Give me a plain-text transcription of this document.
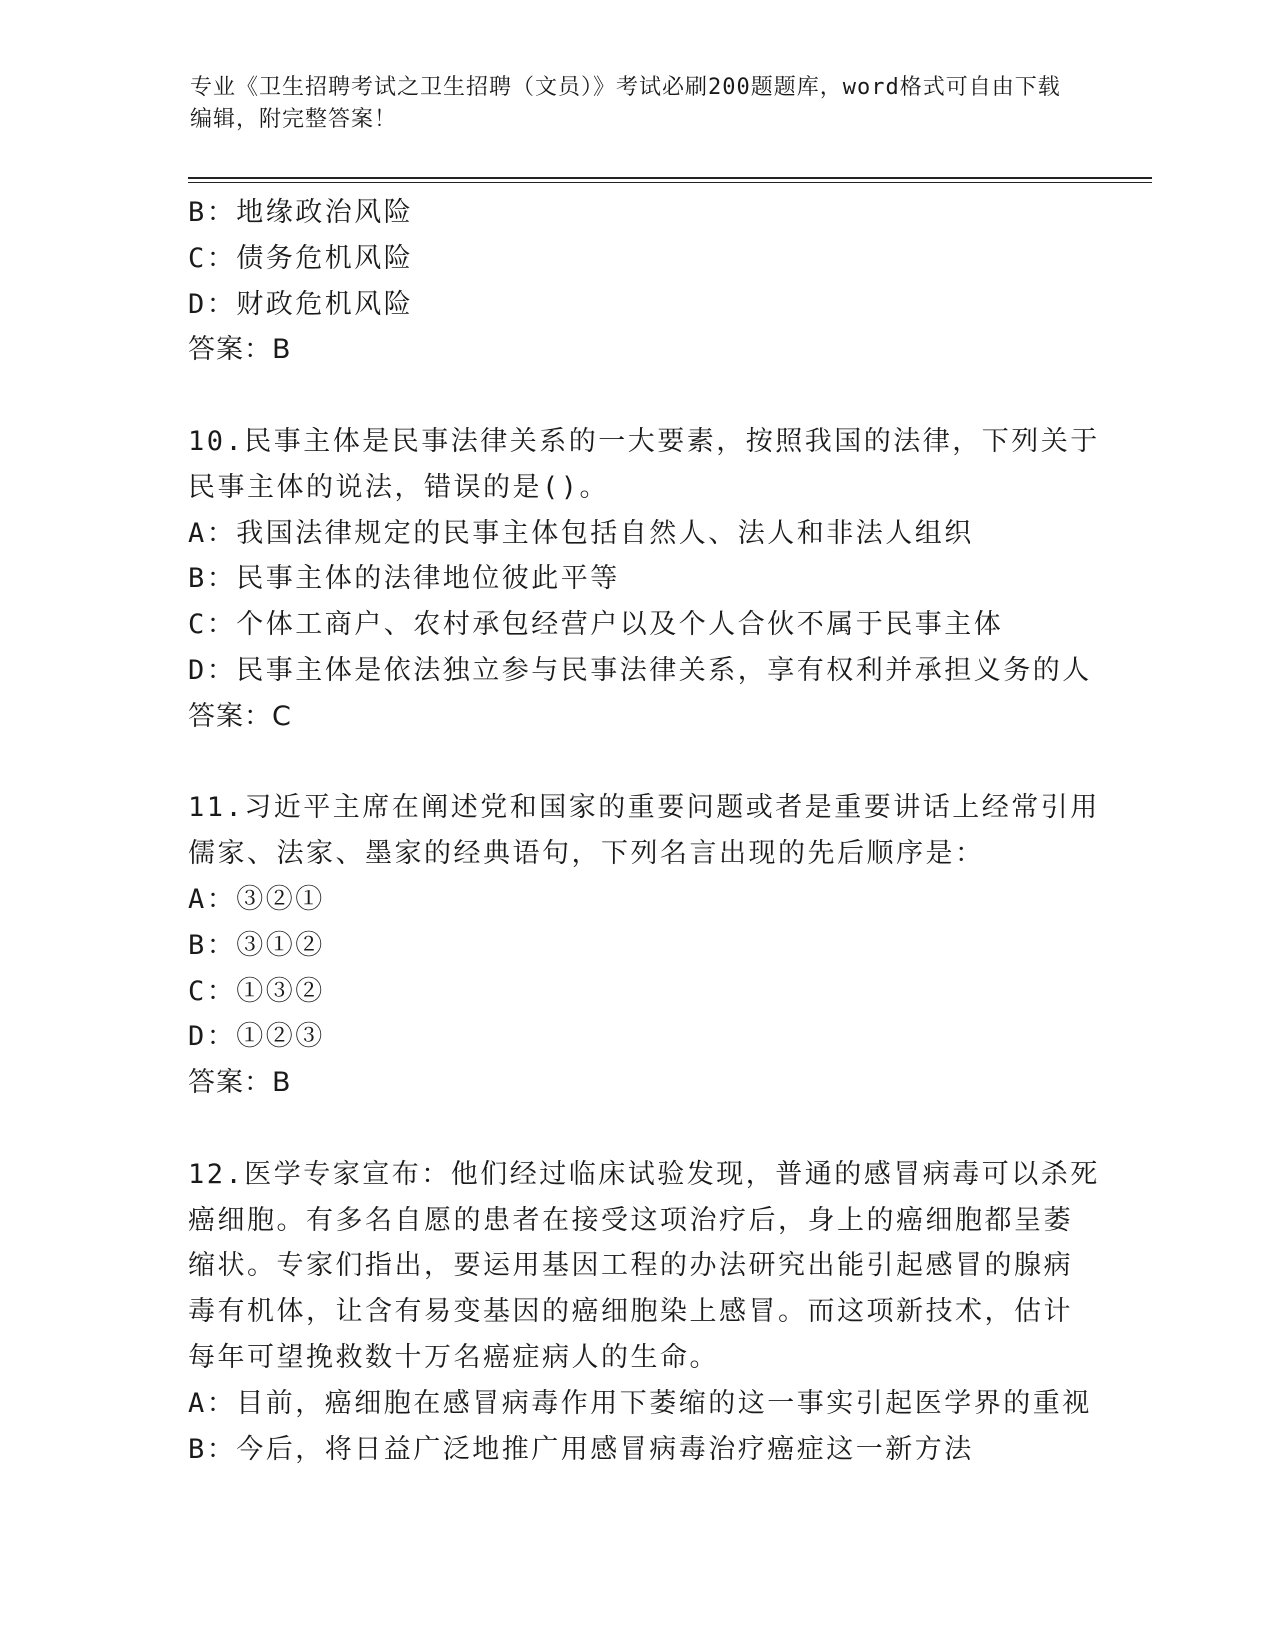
专业《卫生招聘考试之卫生招聘（文员）》考试必刷200题题库，word格式可自由下载编辑，附完整答案！

B：地缘政治风险
C：债务危机风险
D：财政危机风险
答案：B
10.民事主体是民事法律关系的一大要素，按照我国的法律，下列关于
民事主体的说法，错误的是()。
A：我国法律规定的民事主体包括自然人、法人和非法人组织
B：民事主体的法律地位彼此平等
C：个体工商户、农村承包经营户以及个人合伙不属于民事主体
D：民事主体是依法独立参与民事法律关系，享有权利并承担义务的人
答案：C
11.习近平主席在阐述党和国家的重要问题或者是重要讲话上经常引用
儒家、法家、墨家的经典语句，下列名言出现的先后顺序是：
A：③②①
B：③①②
C：①③②
D：①②③
答案：B
12.医学专家宣布：他们经过临床试验发现，普通的感冒病毒可以杀死
癌细胞。有多名自愿的患者在接受这项治疗后，身上的癌细胞都呈萎
缩状。专家们指出，要运用基因工程的办法研究出能引起感冒的腺病
毒有机体，让含有易变基因的癌细胞染上感冒。而这项新技术，估计
每年可望挽救数十万名癌症病人的生命。
A：目前，癌细胞在感冒病毒作用下萎缩的这一事实引起医学界的重视
B：今后，将日益广泛地推广用感冒病毒治疗癌症这一新方法
